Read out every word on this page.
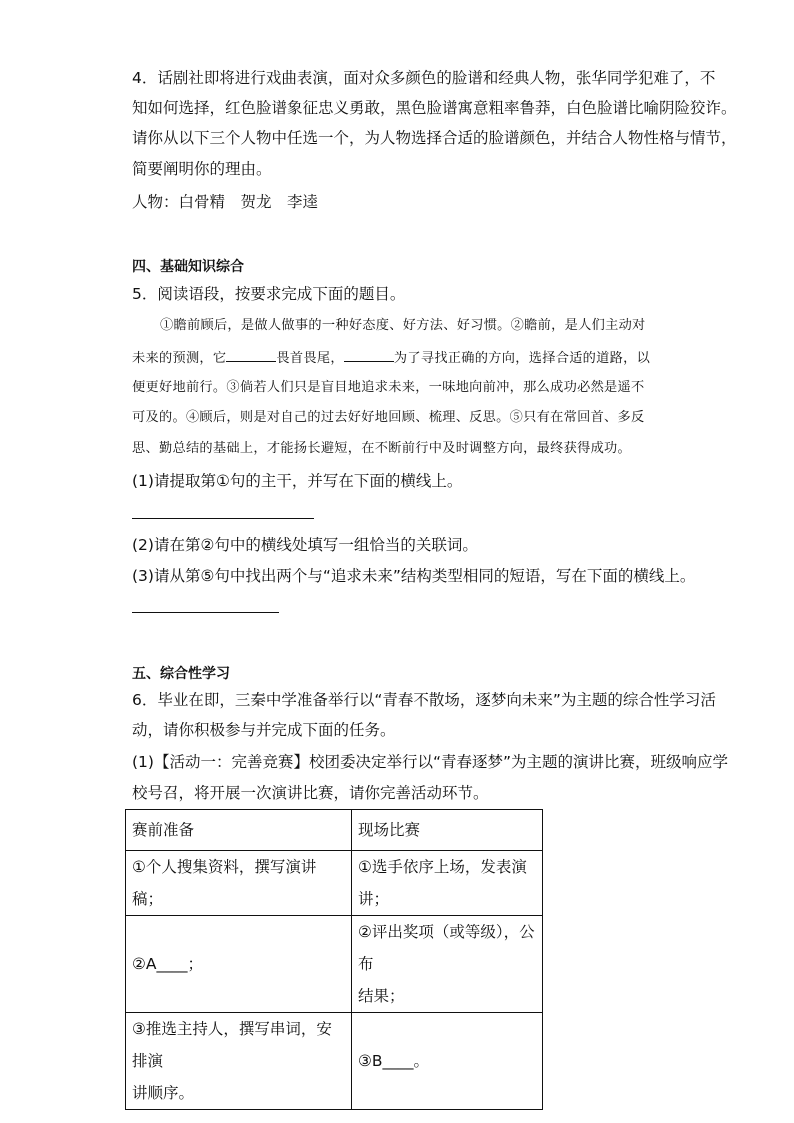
4．话剧社即将进行戏曲表演，面对众多颜色的脸谱和经典人物，张华同学犯难了，不
知如何选择，红色脸谱象征忠义勇敢，黑色脸谱寓意粗率鲁莽，白色脸谱比喻阴险狡诈。
请你从以下三个人物中任选一个，为人物选择合适的脸谱颜色，并结合人物性格与情节，
简要阐明你的理由。
人物：白骨精　贺龙　李逵
四、基础知识综合
5．阅读语段，按要求完成下面的题目。
①瞻前顾后，是做人做事的一种好态度、好方法、好习惯。②瞻前，是人们主动对
未来的预测，它	畏首畏尾，	为了寻找正确的方向，选择合适的道路，以
便更好地前行。③倘若人们只是盲目地追求未来，一味地向前冲，那么成功必然是遥不
可及的。④顾后，则是对自己的过去好好地回顾、梳理、反思。⑤只有在常回首、多反
思、勤总结的基础上，才能扬长避短，在不断前行中及时调整方向，最终获得成功。
(1)请提取第①句的主干，并写在下面的横线上。
(2)请在第②句中的横线处填写一组恰当的关联词。
(3)请从第⑤句中找出两个与“追求未来”结构类型相同的短语，写在下面的横线上。
五、综合性学习
6．毕业在即，三秦中学准备举行以“青春不散场，逐梦向未来”为主题的综合性学习活
动，请你积极参与并完成下面的任务。
(1)【活动一：完善竞赛】校团委决定举行以“青春逐梦”为主题的演讲比赛，班级响应学
校号召，将开展一次演讲比赛，请你完善活动环节。
赛前准备	现场比赛
①个人搜集资料，撰写演讲稿；	①选手依序上场，发表演讲；
②A____；	②评出奖项（或等级），公布
结果；
③推选主持人，撰写串词，安排演
讲顺序。	③B____。
